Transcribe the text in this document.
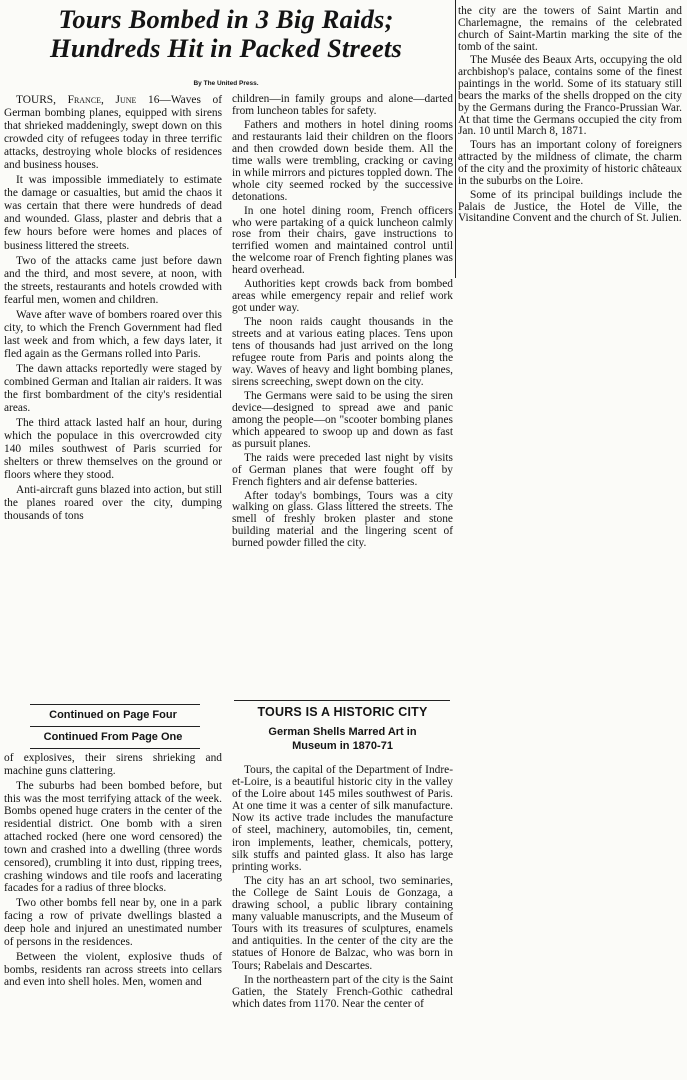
Tours Bombed in 3 Big Raids;
Hundreds Hit in Packed Streets
By The United Press.

TOURS, France, June 16—Waves of German bombing planes, equipped with sirens that shrieked maddeningly, swept down on this crowded city of refugees today in three terrific attacks, destroying whole blocks of residences and business houses.

It was impossible immediately to estimate the damage or casualties, but amid the chaos it was certain that there were hundreds of dead and wounded. Glass, plaster and debris that a few hours before were homes and places of business littered the streets.

Two of the attacks came just before dawn and the third, and most severe, at noon, with the streets, restaurants and hotels crowded with fearful men, women and children.

Wave after wave of bombers roared over this city, to which the French Government had fled last week and from which, a few days later, it fled again as the Germans rolled into Paris.

The dawn attacks reportedly were staged by combined German and Italian air raiders. It was the first bombardment of the city's residential areas.

The third attack lasted half an hour, during which the populace in this overcrowded city 140 miles southwest of Paris scurried for shelters or threw themselves on the ground or floors where they stood.

Anti-aircraft guns blazed into action, but still the planes roared over the city, dumping thousands of tons

Continued on Page Four
Continued From Page One

of explosives, their sirens shrieking and machine guns clattering.

The suburbs had been bombed before, but this was the most terrifying attack of the week. Bombs opened huge craters in the center of the residential district. One bomb with a siren attached rocked (here one word censored) the town and crashed into a dwelling (three words censored), crumbling it into dust, ripping trees, crashing windows and tile roofs and lacerating facades for a radius of three blocks.

Two other bombs fell near by, one in a park facing a row of private dwellings blasted a deep hole and injured an unestimated number of persons in the residences.

Between the violent, explosive thuds of bombs, residents ran across streets into cellars and even into shell holes. Men, women and

children—in family groups and alone—darted from luncheon tables for safety.

Fathers and mothers in hotel dining rooms and restaurants laid their children on the floors and then crowded down beside them. All the time walls were trembling, cracking or caving in while mirrors and pictures toppled down. The whole city seemed rocked by the successive detonations.

In one hotel dining room, French officers who were partaking of a quick luncheon calmly rose from their chairs, gave instructions to terrified women and maintained control until the welcome roar of French fighting planes was heard overhead.

Authorities kept crowds back from bombed areas while emergency repair and relief work got under way.

The noon raids caught thousands in the streets and at various eating places. Tens upon tens of thousands had just arrived on the long refugee route from Paris and points along the way. Waves of heavy and light bombing planes, sirens screeching, swept down on the city.

The Germans were said to be using the siren device—designed to spread awe and panic among the people—on "scooter bombing planes which appeared to swoop up and down as fast as pursuit planes.

The raids were preceded last night by visits of German planes that were fought off by French fighters and air defense batteries.

After today's bombings, Tours was a city walking on glass. Glass littered the streets. The smell of freshly broken plaster and stone building material and the lingering scent of burned powder filled the city.

TOURS IS A HISTORIC CITY
German Shells Marred Art in Museum in 1870-71

Tours, the capital of the Department of Indre-et-Loire, is a beautiful historic city in the valley of the Loire about 145 miles southwest of Paris. At one time it was a center of silk manufacture. Now its active trade includes the manufacture of steel, machinery, automobiles, tin, cement, iron implements, leather, chemicals, pottery, silk stuffs and painted glass. It also has large printing works.

The city has an art school, two seminaries, the College de Saint Louis de Gonzaga, a drawing school, a public library containing many valuable manuscripts, and the Museum of Tours with its treasures of sculptures, enamels and antiquities. In the center of the city are the statues of Honore de Balzac, who was born in Tours; Rabelais and Descartes.

In the northeastern part of the city is the Saint Gatien, the Stately French-Gothic cathedral which dates from 1170. Near the center of

the city are the towers of Saint Martin and Charlemagne, the remains of the celebrated church of Saint-Martin marking the site of the tomb of the saint.

The Musée des Beaux Arts, occupying the old archbishop's palace, contains some of the finest paintings in the world. Some of its statuary still bears the marks of the shells dropped on the city by the Germans during the Franco-Prussian War. At that time the Germans occupied the city from Jan. 10 until March 8, 1871.

Tours has an important colony of foreigners attracted by the mildness of climate, the charm of the city and the proximity of historic châteaux in the suburbs on the Loire.

Some of its principal buildings include the Palais de Justice, the Hotel de Ville, the Visitandine Convent and the church of St. Julien.
